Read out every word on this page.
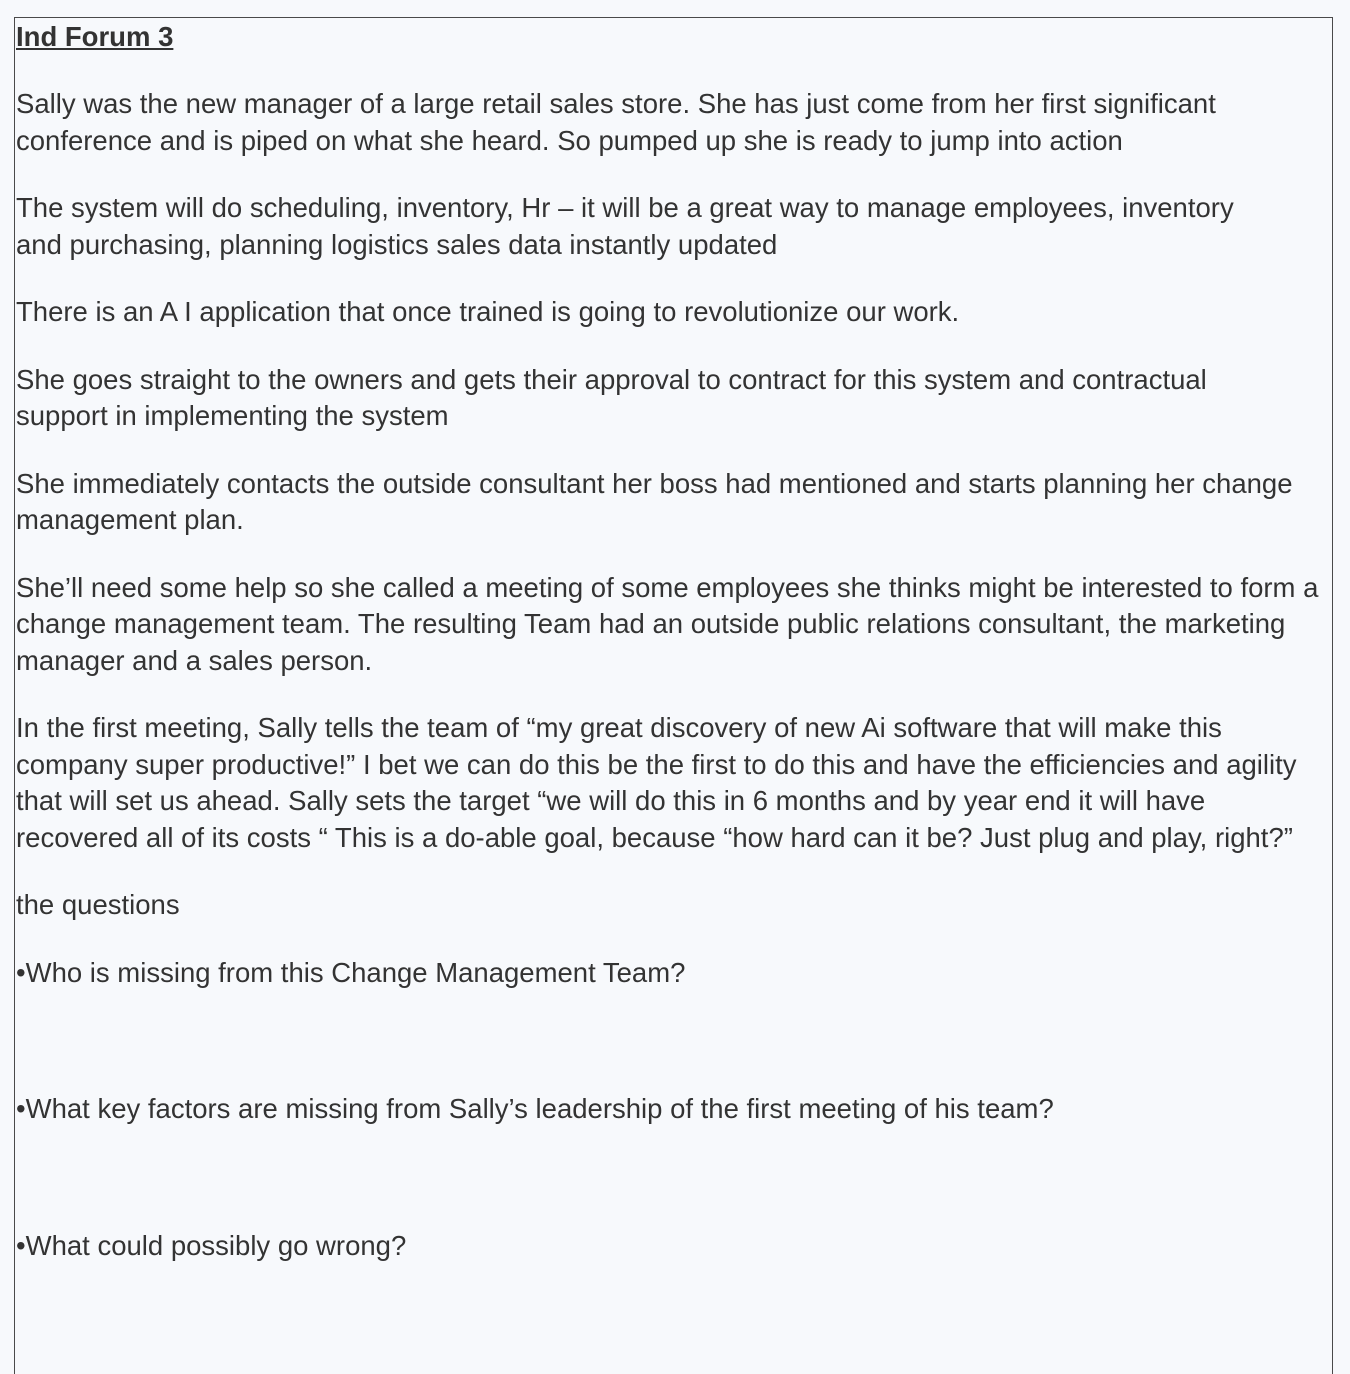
Ind Forum 3
Sally was the new manager of a large retail sales store. She has just come from her first significant conference and is piped on what she heard. So pumped up she is ready to jump into action
The system will do scheduling, inventory, Hr – it will be a great way to manage employees, inventory and purchasing, planning logistics sales data instantly updated
There is an A I application that once trained is going to revolutionize our work.
She goes straight to the owners and gets their approval to contract for this system and contractual support in implementing the system
She immediately contacts the outside consultant her boss had mentioned and starts planning her change management plan.
She’ll need some help so she called a meeting of some employees she thinks might be interested to form a change management team. The resulting Team had an outside public relations consultant, the marketing manager and a sales person.
In the first meeting, Sally tells the team of “my great discovery of new Ai software that will make this company super productive!” I bet we can do this be the first to do this and have the efficiencies and agility that will set us ahead. Sally sets the target “we will do this in 6 months and by year end it will have recovered all of its costs “ This is a do-able goal, because “how hard can it be? Just plug and play, right?”
the questions
•Who is missing from this Change Management Team?
•What key factors are missing from Sally’s leadership of the first meeting of his team?
•What could possibly go wrong?
